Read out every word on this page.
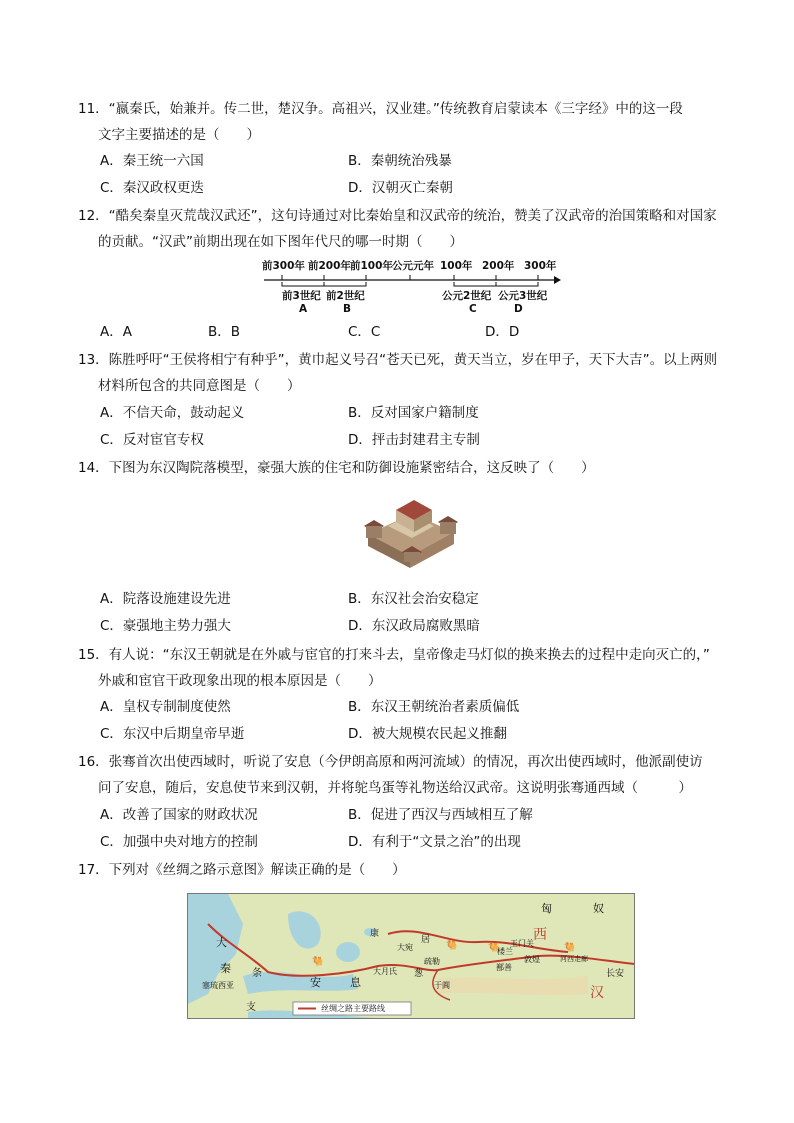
11．“嬴秦氏，始兼并。传二世，楚汉争。高祖兴，汉业建。”传统教育启蒙读本《三字经》中的这一段
文字主要描述的是（　　）
A．秦王统一六国	B．秦朝统治残暴
C．秦汉政权更迭	D．汉朝灭亡秦朝
12．“酷矣秦皇灭荒哉汉武还”，这句诗通过对比秦始皇和汉武帝的统治，赞美了汉武帝的治国策略和对国家
的贡献。“汉武”前期出现在如下图年代尺的哪一时期（　　）
前300年 前200年 前100年 公元元年 100年 200年 300年
前3世纪 前2世纪	公元2世纪 公元3世纪
A	B	C	D
A．A	B．B	C．C	D．D
13．陈胜呼吁“王侯将相宁有种乎”，黄巾起义号召“苍天已死，黄天当立，岁在甲子，天下大吉”。以上两则
材料所包含的共同意图是（　　）
A．不信天命，鼓动起义	B．反对国家户籍制度
C．反对宦官专权	D．抨击封建君主专制
14．下图为东汉陶院落模型，豪强大族的住宅和防御设施紧密结合，这反映了（　　）
A．院落设施建设先进	B．东汉社会治安稳定
C．豪强地主势力强大	D．东汉政局腐败黑暗
15．有人说：“东汉王朝就是在外戚与宦官的打来斗去，皇帝像走马灯似的换来换去的过程中走向灭亡的，”
外戚和宦官干政现象出现的根本原因是（　　）
A．皇权专制制度使然	B．东汉王朝统治者素质偏低
C．东汉中后期皇帝早逝	D．被大规模农民起义推翻
16．张骞首次出使西域时，听说了安息（今伊朗高原和两河流域）的情况，再次出使西域时，他派副使访
问了安息，随后，安息使节来到汉朝，并将鸵鸟蛋等礼物送给汉武帝。这说明张骞通西域（　　　）
A．改善了国家的财政状况	B．促进了西汉与西域相互了解
C．加强中央对地方的控制	D．有利于“文景之治”的出现
17．下列对《丝绸之路示意图》解读正确的是（　　）
🐫
🐫	🐫	🐫
匈	奴
大
秦 条
支
安	息
塞琉西亚
康
居
大宛
疏勒
大月氏 葱
于阗
楼兰
玉门关
敦煌
鄯善
河西走廊
西
汉
长安
丝绸之路主要路线
